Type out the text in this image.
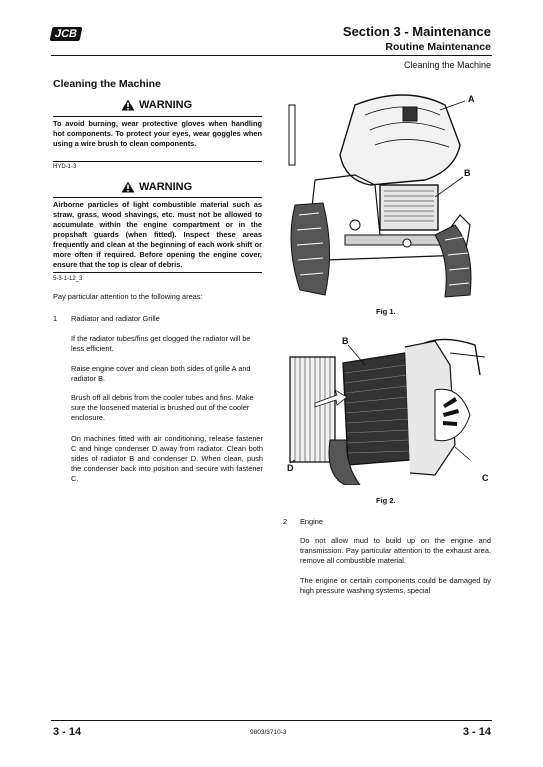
JCB	Section 3 - Maintenance
Routine Maintenance
Cleaning the Machine
Cleaning the Machine
WARNING
To avoid burning, wear protective gloves when handling hot components. To protect your eyes, wear goggles when using a wire brush to clean components.
HYD-1-3
WARNING
Airborne particles of light combustible material such as straw, grass, wood shavings, etc. must not be allowed to accumulate within the engine compartment or in the propshaft guards (when fitted). Inspect these areas frequently and clean at the beginning of each work shift or more often if required. Before opening the engine cover, ensure that the top is clear of debris.
5-3-1-12_3
Pay particular attention to the following areas:
1 Radiator and radiator Grille
If the radiator tubes/fins get clogged the radiator will be less efficient.
Raise engine cover and clean both sides of grille A and radiator B.
Brush off all debris from the cooler tubes and fins. Make sure the loosened material is brushed out of the cooler enclosure.
On machines fitted with air conditioning, release fastener C and hinge condenser D away from radiator. Clean both sides of radiator B and condenser D. When clean, push the condenser back into position and secure with fastener C.
A
B
Fig 1.
B
D
C
Fig 2.
2 Engine
Do not allow mud to build up on the engine and transmission. Pay particular attention to the exhaust area, remove all combustible material.
The engine or certain components could be damaged by high pressure washing systems, special
3 - 14	9803/3710-3	3 - 14
